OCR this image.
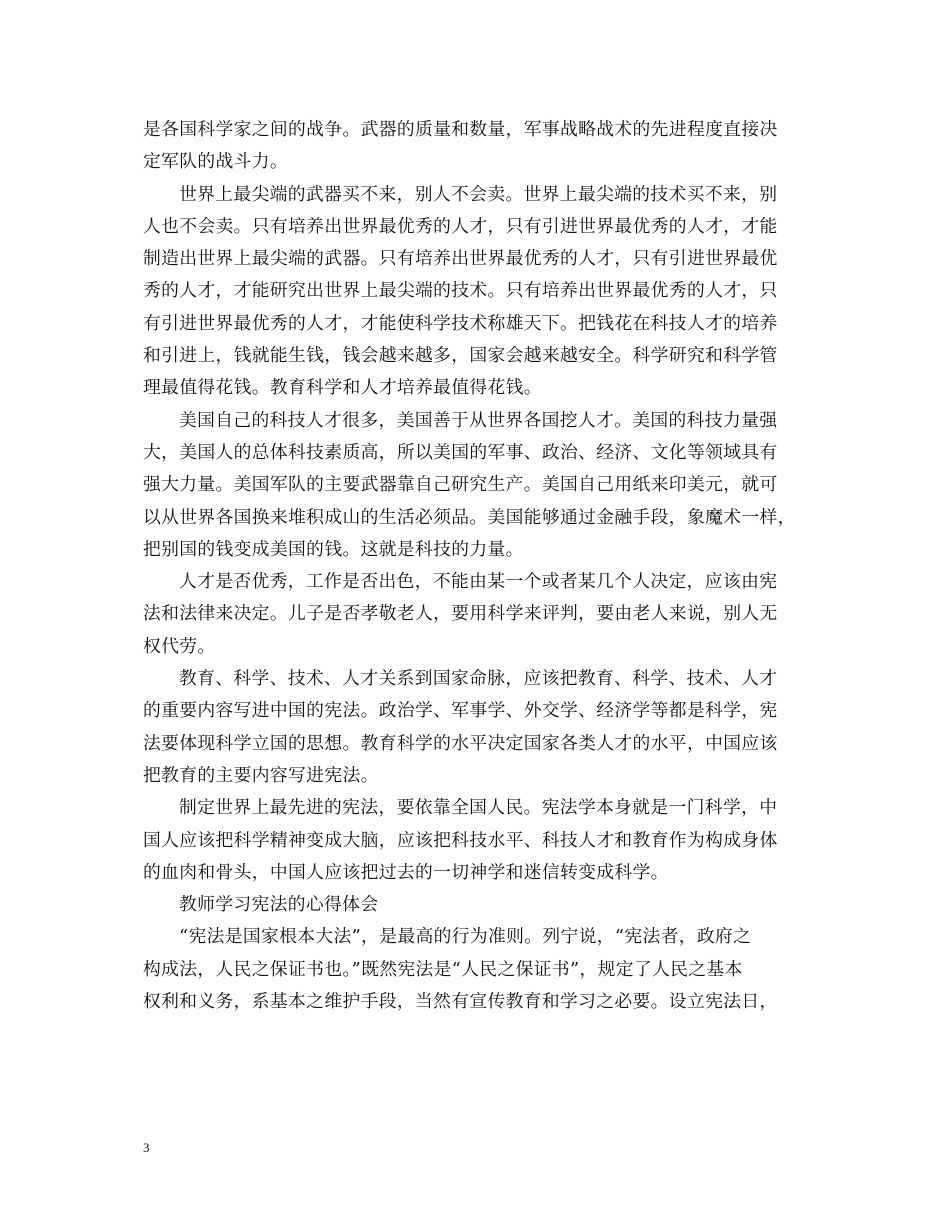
是各国科学家之间的战争。武器的质量和数量，军事战略战术的先进程度直接决
定军队的战斗力。
世界上最尖端的武器买不来，别人不会卖。世界上最尖端的技术买不来，别
人也不会卖。只有培养出世界最优秀的人才，只有引进世界最优秀的人才，才能
制造出世界上最尖端的武器。只有培养出世界最优秀的人才，只有引进世界最优
秀的人才，才能研究出世界上最尖端的技术。只有培养出世界最优秀的人才，只
有引进世界最优秀的人才，才能使科学技术称雄天下。把钱花在科技人才的培养
和引进上，钱就能生钱，钱会越来越多，国家会越来越安全。科学研究和科学管
理最值得花钱。教育科学和人才培养最值得花钱。
美国自己的科技人才很多，美国善于从世界各国挖人才。美国的科技力量强
大，美国人的总体科技素质高，所以美国的军事、政治、经济、文化等领域具有
强大力量。美国军队的主要武器靠自己研究生产。美国自己用纸来印美元，就可
以从世界各国换来堆积成山的生活必须品。美国能够通过金融手段，象魔术一样，
把别国的钱变成美国的钱。这就是科技的力量。
人才是否优秀，工作是否出色，不能由某一个或者某几个人决定，应该由宪
法和法律来决定。儿子是否孝敬老人，要用科学来评判，要由老人来说，别人无
权代劳。
教育、科学、技术、人才关系到国家命脉，应该把教育、科学、技术、人才
的重要内容写进中国的宪法。政治学、军事学、外交学、经济学等都是科学，宪
法要体现科学立国的思想。教育科学的水平决定国家各类人才的水平，中国应该
把教育的主要内容写进宪法。
制定世界上最先进的宪法，要依靠全国人民。宪法学本身就是一门科学，中
国人应该把科学精神变成大脑，应该把科技水平、科技人才和教育作为构成身体
的血肉和骨头，中国人应该把过去的一切神学和迷信转变成科学。
教师学习宪法的心得体会
“宪法是国家根本大法”，是最高的行为准则。列宁说，“宪法者，政府之
构成法，人民之保证书也。”既然宪法是“人民之保证书”，规定了人民之基本
权利和义务，系基本之维护手段，当然有宣传教育和学习之必要。设立宪法日，
3
